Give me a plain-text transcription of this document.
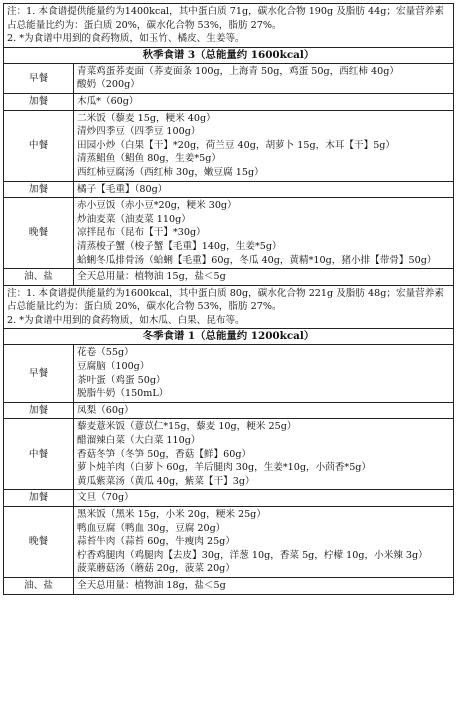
注：1. 本食谱提供能量约为1400kcal，其中蛋白质 71g，碳水化合物 190g 及脂肪 44g；宏量营养素占总能量比约为：蛋白质 20%，碳水化合物 53%，脂肪 27%。
2. *为食谱中用到的食药物质，如玉竹、橘皮、生姜等。	

秋季食谱 3（总能量约 1600kcal）	
早餐	青菜鸡蛋荞麦面（荞麦面条 100g，上海青 50g，鸡蛋 50g，西红柿 40g）
酸奶（200g）

加餐	木瓜*（60g）

中餐	二米饭（藜麦 15g，粳米 40g）
清炒四季豆（四季豆 100g）
田园小炒（白果【干】*20g，荷兰豆 40g，胡萝卜 15g，木耳【干】5g）
清蒸鲳鱼（鲳鱼 80g，生姜*5g）
西红柿豆腐汤（西红柿 30g，嫩豆腐 15g）

加餐	橘子【毛重】（80g）

晚餐	赤小豆饭（赤小豆*20g，粳米 30g）
炒油麦菜（油麦菜 110g）
凉拌昆布（昆布【干】*30g）
清蒸梭子蟹（梭子蟹【毛重】140g，生姜*5g）
蛤蜊冬瓜排骨汤（蛤蜊【毛重】60g，冬瓜 40g，黄精*10g，猪小排【带骨】50g）

油、盐	全天总用量：植物油 15g，盐＜5g

注：1. 本食谱提供能量约为1600kcal，其中蛋白质 80g，碳水化合物 221g 及脂肪 48g；宏量营养素占总能量比约为：蛋白质 20%，碳水化合物 53%，脂肪 27%。
2. *为食谱中用到的食药物质，如木瓜、白果、昆布等。	

冬季食谱 1（总能量约 1200kcal）	
早餐	花卷（55g）
豆腐脑（100g）
茶叶蛋（鸡蛋 50g）
脱脂牛奶（150mL）

加餐	凤梨（60g）

中餐	藜麦薏米饭（薏苡仁*15g，藜麦 10g，粳米 25g）
醋溜辣白菜（大白菜 110g）
香菇冬笋（冬笋 50g，香菇【鲜】60g）
萝卜炖羊肉（白萝卜 60g，羊后腿肉 30g，生姜*10g，小茴香*5g）
黄瓜紫菜汤（黄瓜 40g，紫菜【干】3g）

加餐	文旦（70g）

晚餐	黑米饭（黑米 15g，小米 20g，粳米 25g）
鸭血豆腐（鸭血 30g，豆腐 20g）
蒜苔牛肉（蒜苔 60g，牛瘦肉 25g）
柠香鸡腿肉（鸡腿肉【去皮】30g，洋葱 10g，香菜 5g，柠檬 10g，小米辣 3g）
菠菜蘑菇汤（蘑菇 20g，菠菜 20g）

油、盐	全天总用量：植物油 18g，盐＜5g
